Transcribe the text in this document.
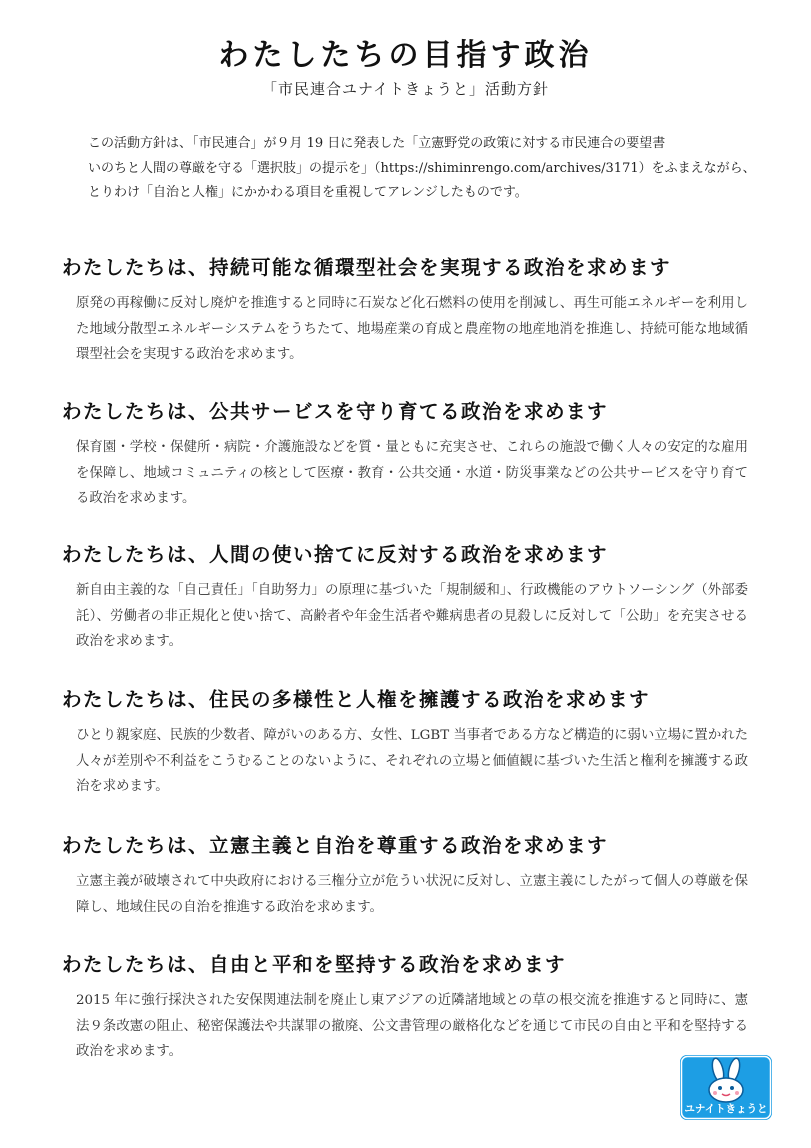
わたしたちの目指す政治
「市民連合ユナイトきょうと」活動方針

この活動方針は、「市民連合」が９月 19 日に発表した「立憲野党の政策に対する市民連合の要望書

いのちと人間の尊厳を守る「選択肢」の提示を」（https://shiminrengo.com/archives/3171）をふまえながら、

とりわけ「自治と人権」にかかわる項目を重視してアレンジしたものです。

わたしたちは、持続可能な循環型社会を実現する政治を求めます
原発の再稼働に反対し廃炉を推進すると同時に石炭など化石燃料の使用を削減し、再生可能エネルギーを利用した地域分散型エネルギーシステムをうちたて、地場産業の育成と農産物の地産地消を推進し、持続可能な地域循環型社会を実現する政治を求めます。
わたしたちは、公共サービスを守り育てる政治を求めます
保育園・学校・保健所・病院・介護施設などを質・量ともに充実させ、これらの施設で働く人々の安定的な雇用を保障し、地域コミュニティの核として医療・教育・公共交通・水道・防災事業などの公共サービスを守り育てる政治を求めます。
わたしたちは、人間の使い捨てに反対する政治を求めます
新自由主義的な「自己責任」「自助努力」の原理に基づいた「規制緩和」、行政機能のアウトソーシング（外部委託）、労働者の非正規化と使い捨て、高齢者や年金生活者や難病患者の見殺しに反対して「公助」を充実させる政治を求めます。
わたしたちは、住民の多様性と人権を擁護する政治を求めます
ひとり親家庭、民族的少数者、障がいのある方、女性、LGBT 当事者である方など構造的に弱い立場に置かれた人々が差別や不利益をこうむることのないように、それぞれの立場と価値観に基づいた生活と権利を擁護する政治を求めます。
わたしたちは、立憲主義と自治を尊重する政治を求めます
立憲主義が破壊されて中央政府における三権分立が危うい状況に反対し、立憲主義にしたがって個人の尊厳を保障し、地域住民の自治を推進する政治を求めます。
わたしたちは、自由と平和を堅持する政治を求めます
2015 年に強行採決された安保関連法制を廃止し東アジアの近隣諸地域との草の根交流を推進すると同時に、憲法９条改憲の阻止、秘密保護法や共謀罪の撤廃、公文書管理の厳格化などを通じて市民の自由と平和を堅持する政治を求めます。
ユナイトきょうと
